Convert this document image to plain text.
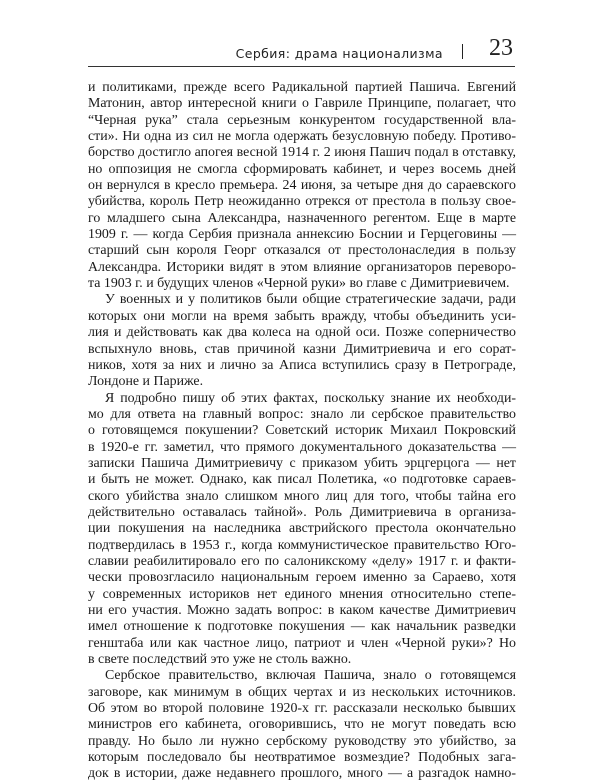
Сербия: драма национализма 23
и политиками, прежде всего Радикальной партией Пашича. Евгений
Матонин, автор интересной книги о Гавриле Принципе, полагает, что
“Черная рука” стала серьезным конкурентом государственной вла-
сти». Ни одна из сил не могла одержать безусловную победу. Противо-
борство достигло апогея весной 1914 г. 2 июня Пашич подал в отставку,
но оппозиция не смогла сформировать кабинет, и через восемь дней
он вернулся в кресло премьера. 24 июня, за четыре дня до сараевского
убийства, король Петр неожиданно отрекся от престола в пользу свое-
го младшего сына Александра, назначенного регентом. Еще в марте
1909 г. — когда Сербия признала аннексию Боснии и Герцеговины —
старший сын короля Георг отказался от престолонаследия в пользу
Александра. Историки видят в этом влияние организаторов переворо-
та 1903 г. и будущих членов «Черной руки» во главе с Димитриевичем.
У военных и у политиков были общие стратегические задачи, ради
которых они могли на время забыть вражду, чтобы объединить уси-
лия и действовать как два колеса на одной оси. Позже соперничество
вспыхнуло вновь, став причиной казни Димитриевича и его сорат-
ников, хотя за них и лично за Аписа вступились сразу в Петрограде,
Лондоне и Париже.
Я подробно пишу об этих фактах, поскольку знание их необходи-
мо для ответа на главный вопрос: знало ли сербское правительство
о готовящемся покушении? Советский историк Михаил Покровский
в 1920-е гг. заметил, что прямого документального доказательства —
записки Пашича Димитриевичу с приказом убить эрцгерцога — нет
и быть не может. Однако, как писал Полетика, «о подготовке сараев-
ского убийства знало слишком много лиц для того, чтобы тайна его
действительно оставалась тайной». Роль Димитриевича в организа-
ции покушения на наследника австрийского престола окончательно
подтвердилась в 1953 г., когда коммунистическое правительство Юго-
славии реабилитировало его по салоникскому «делу» 1917 г. и факти-
чески провозгласило национальным героем именно за Сараево, хотя
у современных историков нет единого мнения относительно степе-
ни его участия. Можно задать вопрос: в каком качестве Димитриевич
имел отношение к подготовке покушения — как начальник разведки
генштаба или как частное лицо, патриот и член «Черной руки»? Но
в свете последствий это уже не столь важно.
Сербское правительство, включая Пашича, знало о готовящемся
заговоре, как минимум в общих чертах и из нескольких источников.
Об этом во второй половине 1920-х гг. рассказали несколько бывших
министров его кабинета, оговорившись, что не могут поведать всю
правду. Но было ли нужно сербскому руководству это убийство, за
которым последовало бы неотвратимое возмездие? Подобных зага-
док в истории, даже недавнего прошлого, много — а разгадок намно-
